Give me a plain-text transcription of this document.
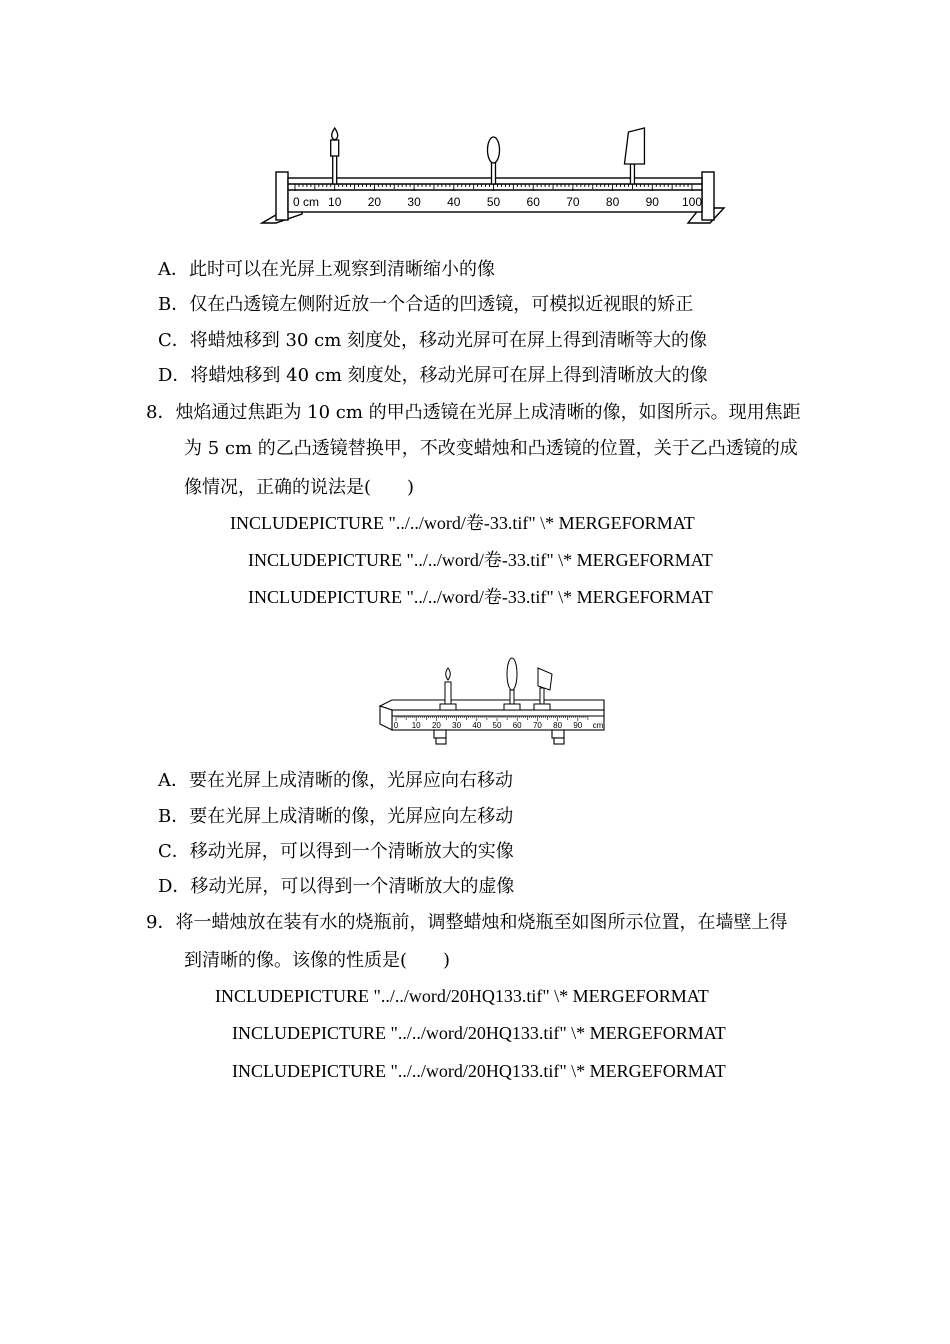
0 cm 10 20 30 40 50 60 70 80 90 100
A．此时可以在光屏上观察到清晰缩小的像
B．仅在凸透镜左侧附近放一个合适的凹透镜，可模拟近视眼的矫正
C．将蜡烛移到 30 cm 刻度处，移动光屏可在屏上得到清晰等大的像
D．将蜡烛移到 40 cm 刻度处，移动光屏可在屏上得到清晰放大的像
8．烛焰通过焦距为 10 cm 的甲凸透镜在光屏上成清晰的像，如图所示。现用焦距
为 5 cm 的乙凸透镜替换甲，不改变蜡烛和凸透镜的位置，关于乙凸透镜的成
像情况，正确的说法是(　　)
INCLUDEPICTURE "../../word/卷-33.tif" \* MERGEFORMAT
INCLUDEPICTURE "../../word/卷-33.tif" \* MERGEFORMAT
INCLUDEPICTURE "../../word/卷-33.tif" \* MERGEFORMAT
0 10 20 30 40 50 60 70 80 90 cm
A．要在光屏上成清晰的像，光屏应向右移动
B．要在光屏上成清晰的像，光屏应向左移动
C．移动光屏，可以得到一个清晰放大的实像
D．移动光屏，可以得到一个清晰放大的虚像
9．将一蜡烛放在装有水的烧瓶前，调整蜡烛和烧瓶至如图所示位置，在墙壁上得
到清晰的像。该像的性质是(　　)
INCLUDEPICTURE "../../word/20HQ133.tif" \* MERGEFORMAT
INCLUDEPICTURE "../../word/20HQ133.tif" \* MERGEFORMAT
INCLUDEPICTURE "../../word/20HQ133.tif" \* MERGEFORMAT
